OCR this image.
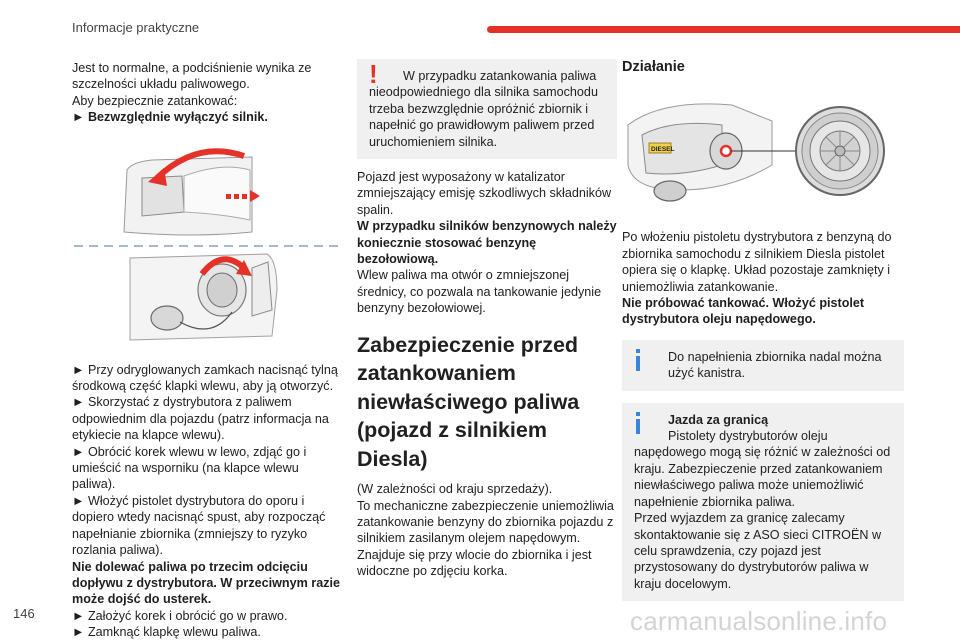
Informacje praktyczne

Jest to normalne, a podciśnienie wynika ze szczelności układu paliwowego.

Aby bezpiecznie zatankować:

► Bezwzględnie wyłączyć silnik.

► Przy odryglowanych zamkach nacisnąć tylną środkową część klapki wlewu, aby ją otworzyć.

► Skorzystać z dystrybutora z paliwem odpowiednim dla pojazdu (patrz informacja na etykiecie na klapce wlewu).

► Obrócić korek wlewu w lewo, zdjąć go i umieścić na wsporniku (na klapce wlewu paliwa).

► Włożyć pistolet dystrybutora do oporu i dopiero wtedy nacisnąć spust, aby rozpocząć napełnianie zbiornika (zmniejszy to ryzyko rozlania paliwa).

Nie dolewać paliwa po trzecim odcięciu dopływu z dystrybutora. W przeciwnym razie może dojść do usterek.

► Założyć korek i obrócić go w prawo.

► Zamknąć klapkę wlewu paliwa.

!	W przypadku zatankowania paliwa nieodpowiedniego dla silnika samochodu trzeba bezwzględnie opróżnić zbiornik i napełnić go prawidłowym paliwem przed uruchomieniem silnika.

Pojazd jest wyposażony w katalizator zmniejszający emisję szkodliwych składników spalin.

W przypadku silników benzynowych należy koniecznie stosować benzynę bezołowiową.

Wlew paliwa ma otwór o zmniejszonej średnicy, co pozwala na tankowanie jedynie benzyny bezołowiowej.

Zabezpieczenie przed zatankowaniem niewłaściwego paliwa (pojazd z silnikiem Diesla)

(W zależności od kraju sprzedaży).

To mechaniczne zabezpieczenie uniemożliwia zatankowanie benzyny do zbiornika pojazdu z silnikiem zasilanym olejem napędowym.

Znajduje się przy wlocie do zbiornika i jest widoczne po zdjęciu korka.

Działanie
DIESEL

Po włożeniu pistoletu dystrybutora z benzyną do zbiornika samochodu z silnikiem Diesla pistolet opiera się o klapkę. Układ pozostaje zamknięty i uniemożliwia zatankowanie.

Nie próbować tankować. Włożyć pistolet dystrybutora oleju napędowego.

Do napełnienia zbiornika nadal można użyć kanistra.

Jazda za granicą

Pistolety dystrybutorów oleju napędowego mogą się różnić w zależności od kraju. Zabezpieczenie przed zatankowaniem niewłaściwego paliwa może uniemożliwić napełnienie zbiornika paliwa.

Przed wyjazdem za granicę zalecamy skontaktowanie się z ASO sieci CITROËN w celu sprawdzenia, czy pojazd jest przystosowany do dystrybutorów paliwa w kraju docelowym.

146	carmanualsonline.info
